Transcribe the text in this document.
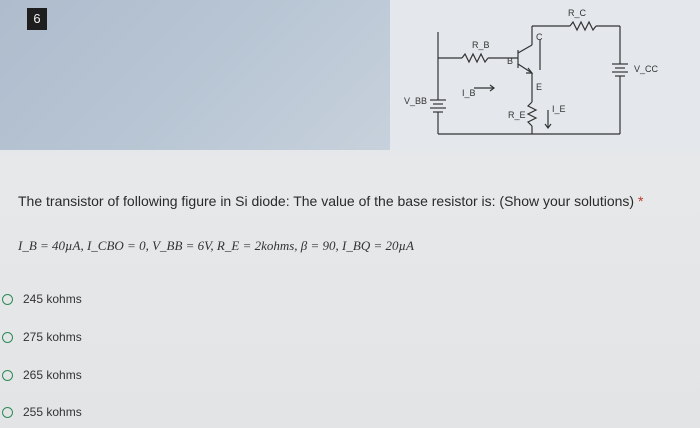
R_C
R_B
I_B
B
C
E
V_BB
V_CC
R_E
I_E
6
The transistor of following figure in Si diode: The value of the base resistor is: (Show your solutions) *
I_B = 40µA, I_CBO = 0, V_BB = 6V, R_E = 2kohms, β = 90, I_BQ = 20µA
245 kohms
275 kohms
265 kohms
255 kohms
